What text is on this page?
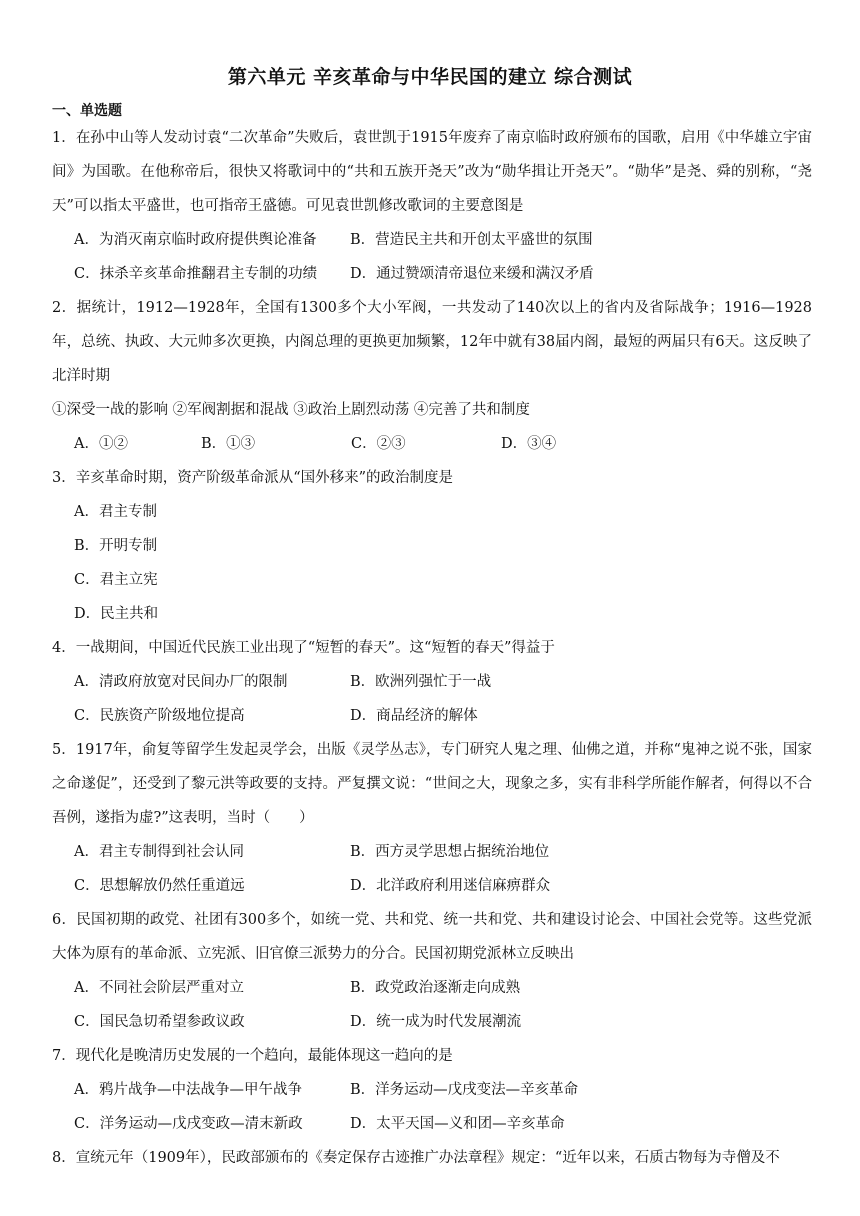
第六单元 辛亥革命与中华民国的建立 综合测试
一、单选题

1．在孙中山等人发动讨袁“二次革命”失败后，袁世凯于1915年废弃了南京临时政府颁布的国歌，启用《中华雄立宇宙间》为国歌。在他称帝后，很快又将歌词中的“共和五族开尧天”改为“勋华揖让开尧天”。“勋华”是尧、舜的别称，“尧天”可以指太平盛世，也可指帝王盛德。可见袁世凯修改歌词的主要意图是

A．为消灭南京临时政府提供舆论准备	B．营造民主共和开创太平盛世的氛围
C．抹杀辛亥革命推翻君主专制的功绩	D．通过赞颂清帝退位来缓和满汉矛盾

2．据统计，1912—1928年，全国有1300多个大小军阀，一共发动了140次以上的省内及省际战争；1916—1928年，总统、执政、大元帅多次更换，内阁总理的更换更加频繁，12年中就有38届内阁，最短的两届只有6天。这反映了北洋时期

①深受一战的影响 ②军阀割据和混战 ③政治上剧烈动荡 ④完善了共和制度

A．①②	B．①③	C．②③	D．③④

3．辛亥革命时期，资产阶级革命派从“国外移来”的政治制度是

A．君主专制
B．开明专制
C．君主立宪
D．民主共和

4．一战期间，中国近代民族工业出现了“短暂的春天”。这“短暂的春天”得益于

A．清政府放宽对民间办厂的限制	B．欧洲列强忙于一战
C．民族资产阶级地位提高	D．商品经济的解体

5．1917年，俞复等留学生发起灵学会，出版《灵学丛志》，专门研究人鬼之理、仙佛之道，并称“鬼神之说不张，国家之命遂促”，还受到了黎元洪等政要的支持。严复撰文说：“世间之大，现象之多，实有非科学所能作解者，何得以不合吾例，遂指为虚?”这表明，当时（　　）

A．君主专制得到社会认同	B．西方灵学思想占据统治地位
C．思想解放仍然任重道远	D．北洋政府利用迷信麻痹群众

6．民国初期的政党、社团有300多个，如统一党、共和党、统一共和党、共和建设讨论会、中国社会党等。这些党派大体为原有的革命派、立宪派、旧官僚三派势力的分合。民国初期党派林立反映出

A．不同社会阶层严重对立	B．政党政治逐渐走向成熟
C．国民急切希望参政议政	D．统一成为时代发展潮流

7．现代化是晚清历史发展的一个趋向，最能体现这一趋向的是

A．鸦片战争—中法战争—甲午战争	B．洋务运动—戊戌变法—辛亥革命
C．洋务运动—戊戌变政—清末新政	D．太平天国—义和团—辛亥革命

8．宣统元年（1909年），民政部颁布的《奏定保存古迹推广办法章程》规定：“近年以来，石质古物每为寺僧及不
